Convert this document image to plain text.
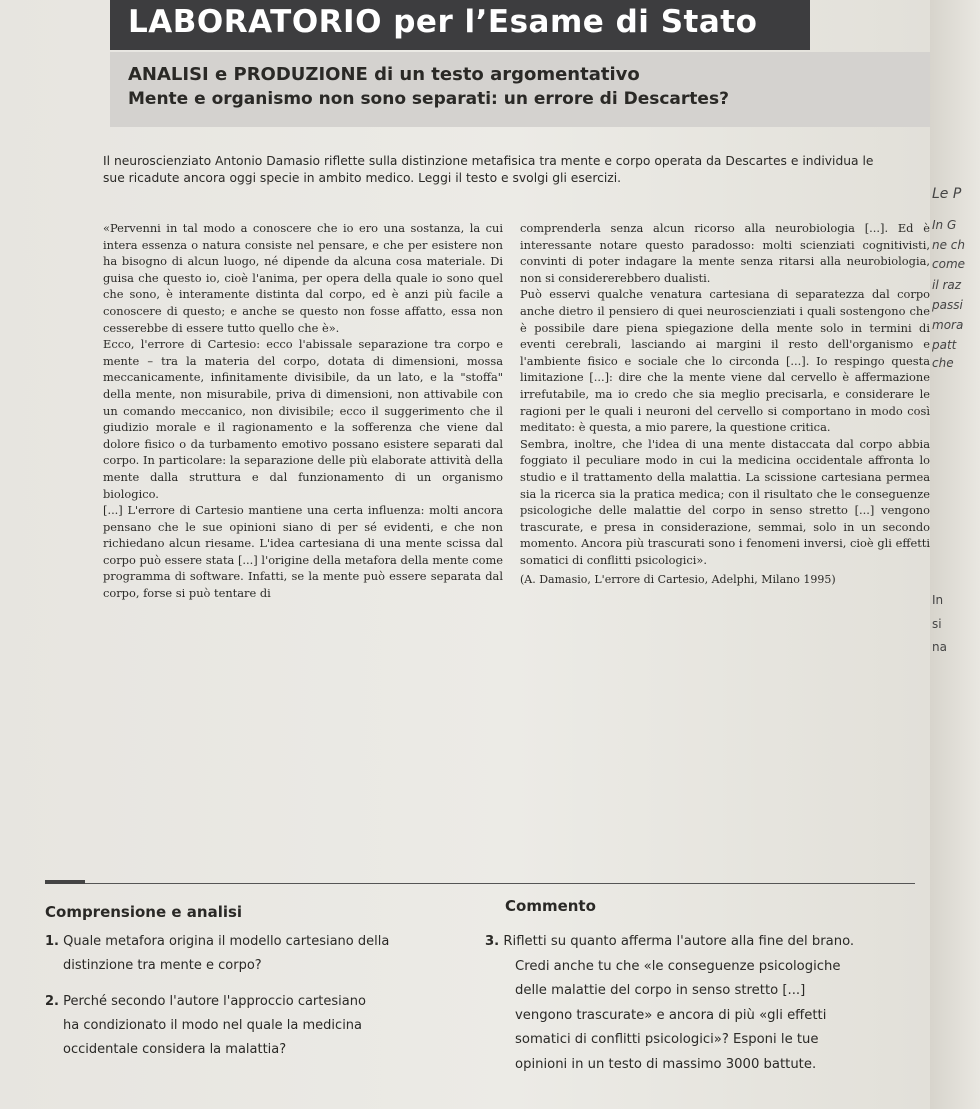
LABORATORIO per l’Esame di Stato
ANALISI e PRODUZIONE di un testo argomentativo
Mente e organismo non sono separati: un errore di Descartes?
Il neuroscienziato Antonio Damasio riflette sulla distinzione metafisica tra mente e corpo operata da Descartes e individua le sue ricadute ancora oggi specie in ambito medico. Leggi il testo e svolgi gli esercizi.

«Pervenni in tal modo a conoscere che io ero una sostanza, la cui intera essenza o natura consiste nel pensare, e che per esistere non ha bisogno di alcun luogo, né dipende da alcuna cosa materiale. Di guisa che questo io, cioè l'anima, per opera della quale io sono quel che sono, è interamente distinta dal corpo, ed è anzi più facile a conoscere di questo; e anche se questo non fosse affatto, essa non cesserebbe di essere tutto quello che è».

Ecco, l'errore di Cartesio: ecco l'abissale separazione tra corpo e mente – tra la materia del corpo, dotata di dimensioni, mossa meccanicamente, infinitamente divisibile, da un lato, e la "stoffa" della mente, non misurabile, priva di dimensioni, non attivabile con un comando meccanico, non divisibile; ecco il suggerimento che il giudizio morale e il ragionamento e la sofferenza che viene dal dolore fisico o da turbamento emotivo possano esistere separati dal corpo. In particolare: la separazione delle più elaborate attività della mente dalla struttura e dal funzionamento di un organismo biologico.

[...] L'errore di Cartesio mantiene una certa influenza: molti ancora pensano che le sue opinioni siano di per sé evidenti, e che non richiedano alcun riesame. L'idea cartesiana di una mente scissa dal corpo può essere stata [...] l'origine della metafora della mente come programma di software. Infatti, se la mente può essere separata dal corpo, forse si può tentare di

comprenderla senza alcun ricorso alla neurobiologia [...]. Ed è interessante notare questo paradosso: molti scienziati cognitivisti, convinti di poter indagare la mente senza ritarsi alla neurobiologia, non si considererebbero dualisti.

Può esservi qualche venatura cartesiana di separatezza dal corpo anche dietro il pensiero di quei neuroscienziati i quali sostengono che è possibile dare piena spiegazione della mente solo in termini di eventi cerebrali, lasciando ai margini il resto dell'organismo e l'ambiente fisico e sociale che lo circonda [...]. Io respingo questa limitazione [...]: dire che la mente viene dal cervello è affermazione irrefutabile, ma io credo che sia meglio precisarla, e considerare le ragioni per le quali i neuroni del cervello si comportano in modo così meditato: è questa, a mio parere, la questione critica.

Sembra, inoltre, che l'idea di una mente distaccata dal corpo abbia foggiato il peculiare modo in cui la medicina occidentale affronta lo studio e il trattamento della malattia. La scissione cartesiana permea sia la ricerca sia la pratica medica; con il risultato che le conseguenze psicologiche delle malattie del corpo in senso stretto [...] vengono trascurate, e presa in considerazione, semmai, solo in un secondo momento. Ancora più trascurati sono i fenomeni inversi, cioè gli effetti somatici di conflitti psicologici».

(A. Damasio, L'errore di Cartesio, Adelphi, Milano 1995)

Comprensione e analisi	Commento
1. Quale metafora origina il modello cartesiano della
distinzione tra mente e corpo?
2. Perché secondo l'autore l'approccio cartesiano
ha condizionato il modo nel quale la medicina
occidentale considera la malattia?
3. Rifletti su quanto afferma l'autore alla fine del brano.
Credi anche tu che «le conseguenze psicologiche
delle malattie del corpo in senso stretto [...]
vengono trascurate» e ancora di più «gli effetti
somatici di conflitti psicologici»? Esponi le tue
opinioni in un testo di massimo 3000 battute.
Le P
In G
ne ch
come
il raz
passi
mora
patt
che
In
si
na
